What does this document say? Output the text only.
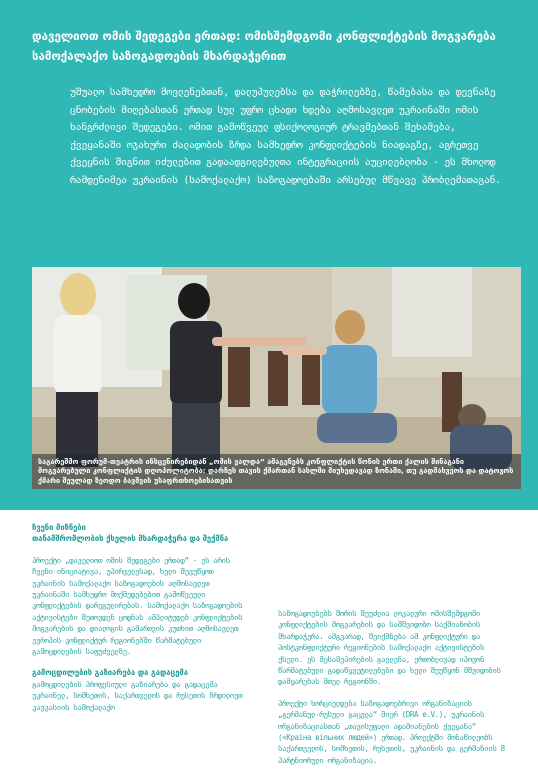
დაველიოთ ომის შედეგები ერთად: ომისშემდგომი კონფლიქტების მოგვარება სამოქალაქო საზოგადოების მხარდაჭერით
უშუალო სამხედრო მოვლენებთან, დალუპულებსა და დაჭრილებზე, წამებასა და დევნაზე ცნობების მიღებასთან ერთად სულ უფრო ცხადი ხდება აღმოსავლეთ უკრაინაში ომის ხანგრძლივი შედეგები. ომით გამოწვეულ ფსიქოლოგიურ ტრავმებთან შეხამება, ქვეყანაში ოჯახური ძალადობის ზრდა სამხედრო კონფლიქტების ნიადაგზე, აგრეთვე ქვეყნის შიგნით იძულებით გადაადგილებულთა ინტეგრაციის აუცილებლობა - ეს მხოლოდ რამდენიმეა უკრაინის (სამოქალაქო) საზოგადოებაში არსებულ მწვავე პრობლემათაგან.
საგარეშმო ფორუმ-თეატრის ინსცენირებიდან „ომის ვალდა“ ამაგენებს კონფლიქტის წონის ერთი ქალის შინაგანი მოგვარებული კონფლიქტის დღოპოლიტობა: დარჩეს თავის ქმართან სახლში მიუხედავად ზონაში, თუ გადმახვეოს და დატოვოს ქმარი შეულად ზეოდო ბავშვის უსაფრთხოებისათვის
ჩვენი მიზნები
თანამშრომლობის ქსელის მხარდაჭერა და შექმნა
პროექტი „დაველიოთ ომის შედეგები ერთად“ - ეს არის ჩვენი ინიციატივა, უპირველესად, ხელი შევუწყოთ უკრაინის სამოქალაქო საზოგადოების აღმოსავლეთ უკრაინაში სამხედრო მოქმედებებით გამოწვეული კონფლიქტების დარეგულირებას. სამოქალაქო საზოგადოების აქტივისტები შეთოვდენ ცოდნას ამპლიტუდებ კონფლიქტების მოგვარების და დიალოგის გამართვის კუთხით აღმოსავლეთ ევროპის კონფლიქტურ რეგიონებში წარმატებული გამოცდილების საფუძველზე.
გამოცდილების გაზიარება და გადაცემა
გამოცდილების პროფესიული გაზიარება და გადაცემა უკრაინელ, სომხეთის, საქართველოს და რუსეთის ჩრდილოეთ კავკასიის სამოქალაქო
საზოგადოებებს შორის შეუძლია ლოკალური ომისშემდგომი კონფლიქტების მოგვარების და სამშვიდობო საქმიანობის მხარდაჭერა. ამგვარად, შეიქმნება ამ კონფლიქტური და პოსტკონფლიქტური რეგიონების სამოქალაქო აქტივისტების ქსელი. ეს მესამეპირების გავლენა, ერთობლივად იპოვონ წარმატებული გადაწყვეტილებები და ხელი შეუწყონ მშვიდობის დამყარებას მთელ რეგიონში.
პროექტი ხორციელდება საზოგადოებრივი ორგანიზაციის „გერმანულ-რუსული გაცვლა“ მიერ (DRA e.V.), უკრაინის ორგანიზაციასთან „თავისუფალი ადამიანების ქვეყანა“ («Країна вільних людей») ერთად. პროექტში მონაწილეობს საქართველოს, სომხეთის, რუსეთის, უკრაინის და გერმანიის 8 პარტნიორული ორგანიზაცია.
